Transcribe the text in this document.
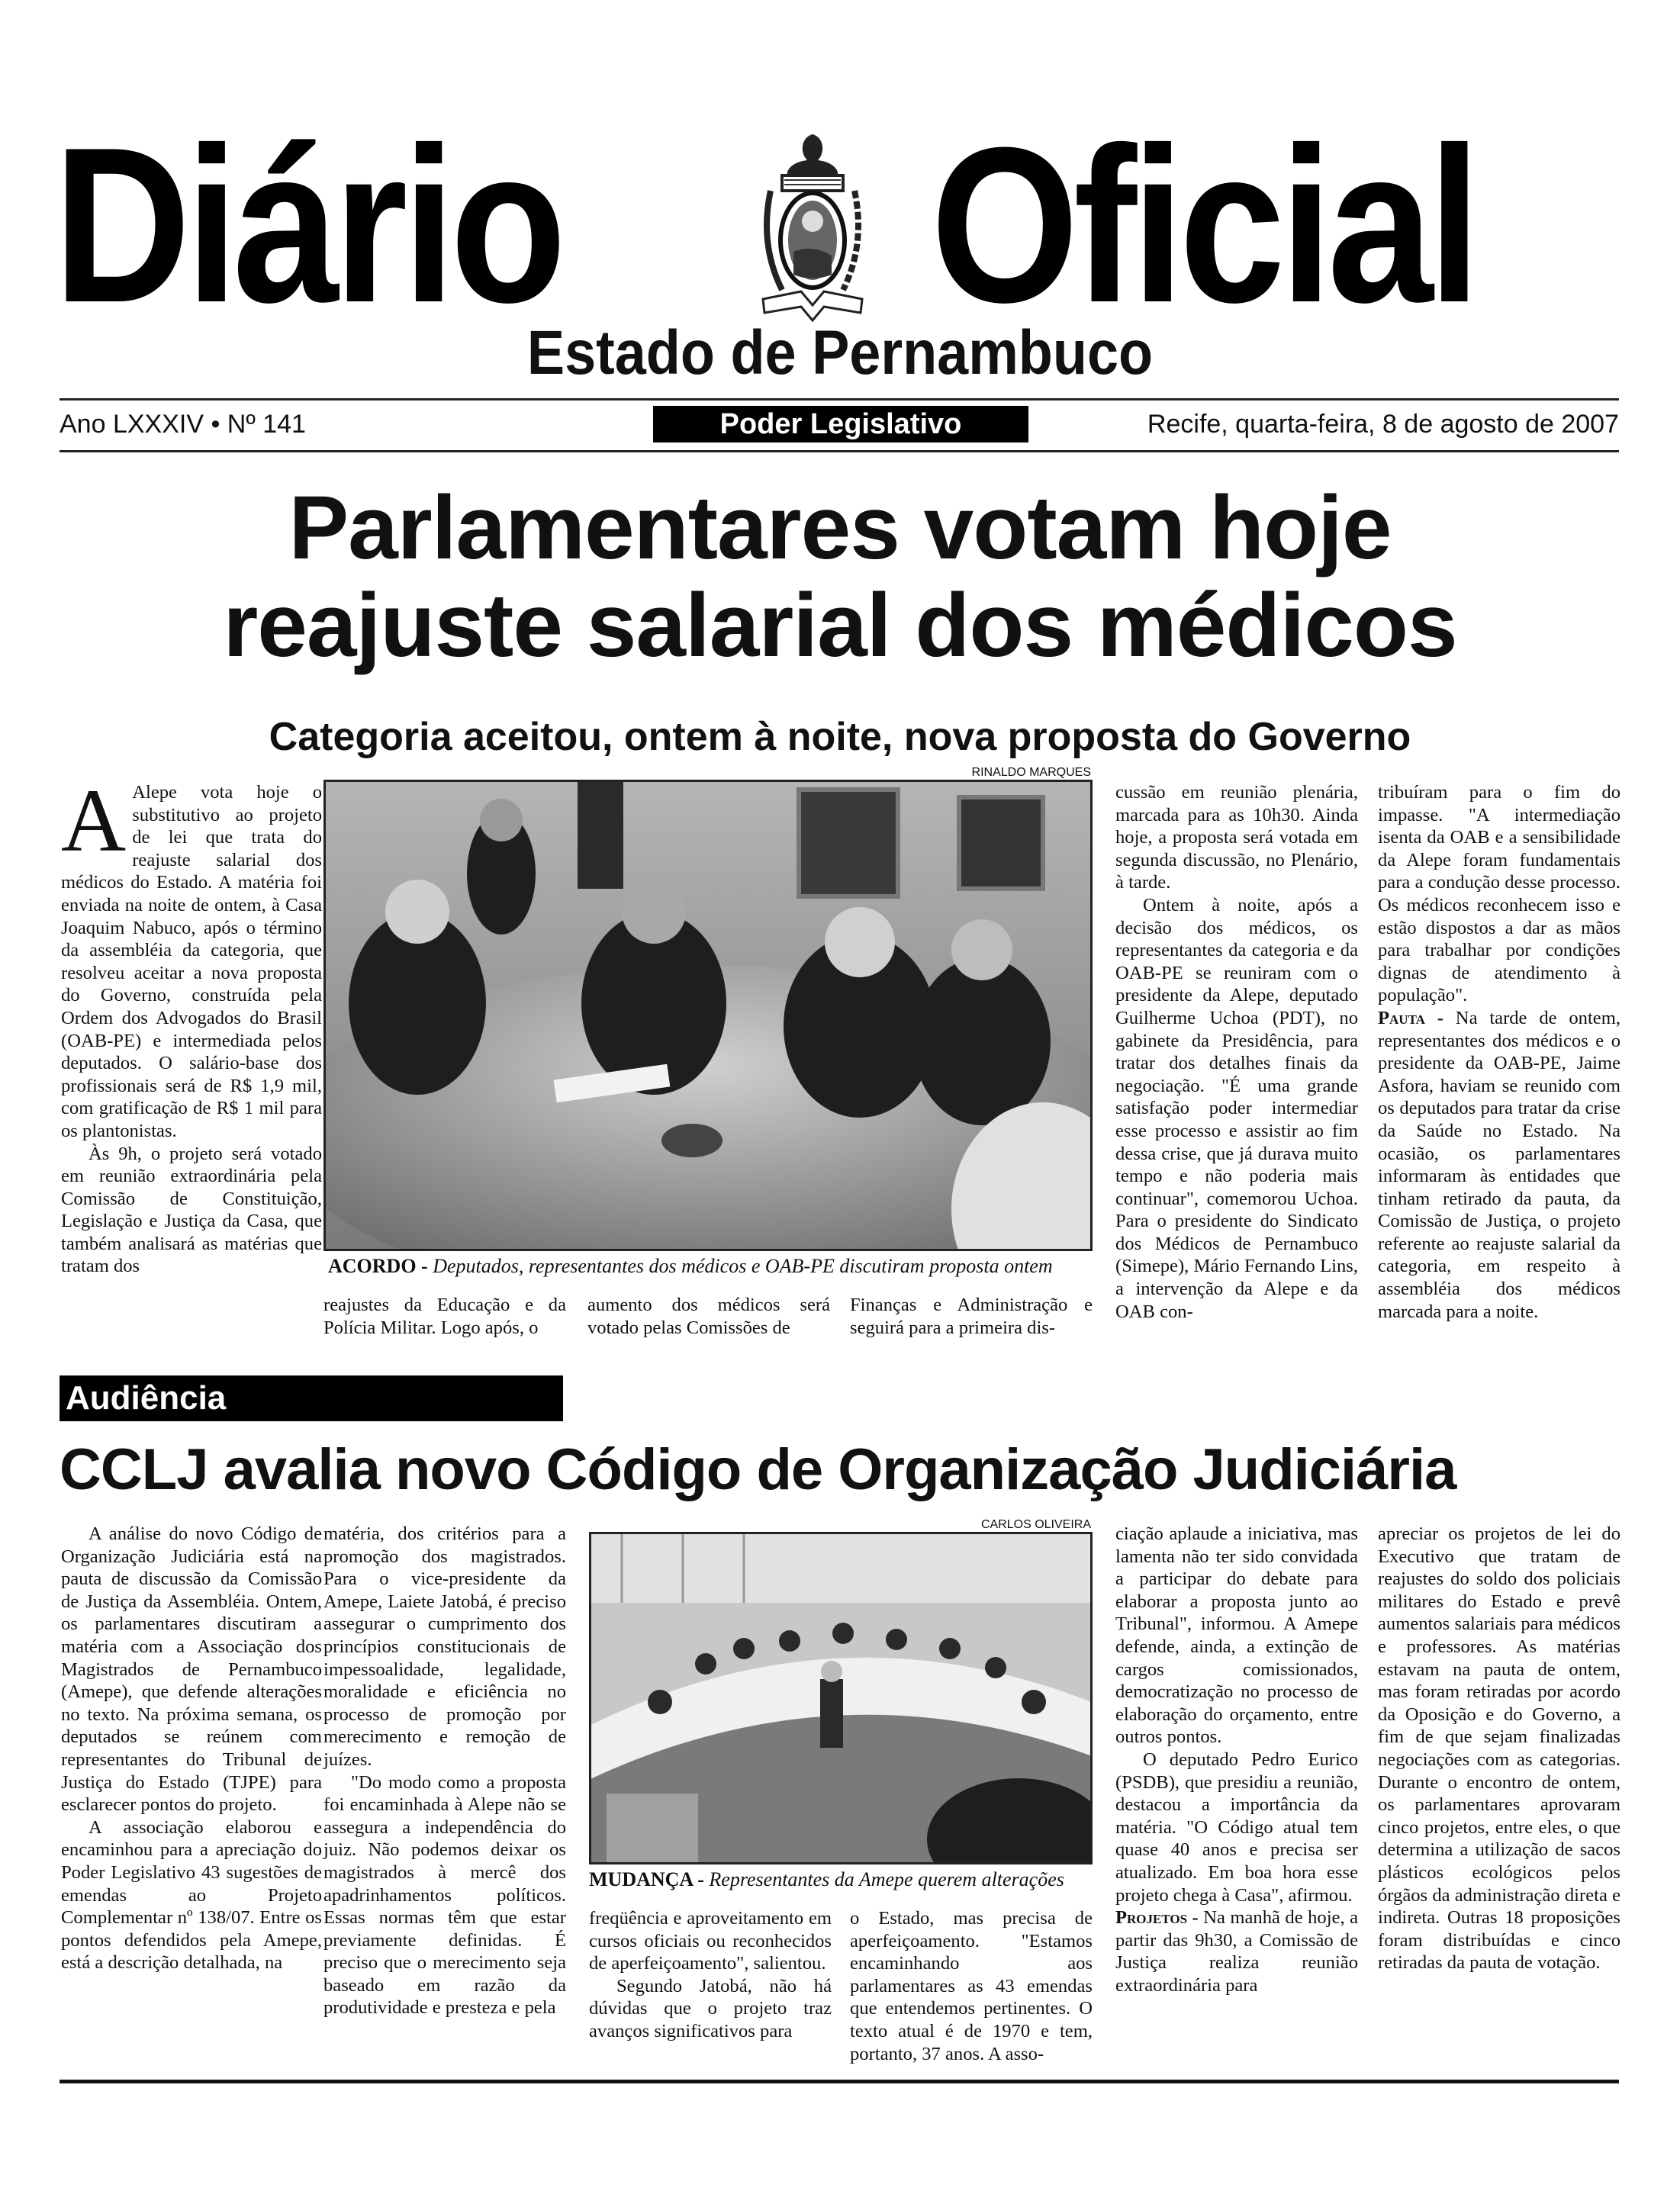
Diário Oficial
Estado de Pernambuco
Ano LXXXIV • Nº 141	Poder Legislativo	Recife, quarta-feira, 8 de agosto de 2007
Parlamentares votam hoje
reajuste salarial dos médicos
Categoria aceitou, ontem à noite, nova proposta do Governo

A Alepe vota hoje o substitutivo ao projeto de lei que trata do reajuste salarial dos médicos do Estado. A matéria foi enviada na noite de ontem, à Casa Joaquim Nabuco, após o término da assembléia da categoria, que resolveu aceitar a nova proposta do Governo, construída pela Ordem dos Advogados do Brasil (OAB-PE) e intermediada pelos deputados. O salário-base dos profissionais será de R$ 1,9 mil, com gratificação de R$ 1 mil para os plantonistas.

Às 9h, o projeto será votado em reunião extraordinária pela Comissão de Constituição, Legislação e Justiça da Casa, que também analisará as matérias que tratam dos

RINALDO MARQUES
ACORDO - Deputados, representantes dos médicos e OAB-PE discutiram proposta ontem

reajustes da Educação e da Polícia Militar. Logo após, o

aumento dos médicos será votado pelas Comissões de

Finanças e Administração e seguirá para a primeira dis-

cussão em reunião plenária, marcada para as 10h30. Ainda hoje, a proposta será votada em segunda discussão, no Plenário, à tarde.

Ontem à noite, após a decisão dos médicos, os representantes da categoria e da OAB-PE se reuniram com o presidente da Alepe, deputado Guilherme Uchoa (PDT), no gabinete da Presidência, para tratar dos detalhes finais da negociação. "É uma grande satisfação poder intermediar esse processo e assistir ao fim dessa crise, que já durava muito tempo e não poderia mais continuar", comemorou Uchoa. Para o presidente do Sindicato dos Médicos de Pernambuco (Simepe), Mário Fernando Lins, a intervenção da Alepe e da OAB con-

tribuíram para o fim do impasse. "A intermediação isenta da OAB e a sensibilidade da Alepe foram fundamentais para a condução desse processo. Os médicos reconhecem isso e estão dispostos a dar as mãos para trabalhar por condições dignas de atendimento à população".

Pauta - Na tarde de ontem, representantes dos médicos e o presidente da OAB-PE, Jaime Asfora, haviam se reunido com os deputados para tratar da crise da Saúde no Estado. Na ocasião, os parlamentares informaram às entidades que tinham retirado da pauta, da Comissão de Justiça, o projeto referente ao reajuste salarial da categoria, em respeito à assembléia dos médicos marcada para a noite.

Audiência
CCLJ avalia novo Código de Organização Judiciária

A análise do novo Código de Organização Judiciária está na pauta de discussão da Comissão de Justiça da Assembléia. Ontem, os parlamentares discutiram a matéria com a Associação dos Magistrados de Pernambuco (Amepe), que defende alterações no texto. Na próxima semana, os deputados se reúnem com representantes do Tribunal de Justiça do Estado (TJPE) para esclarecer pontos do projeto.

A associação elaborou e encaminhou para a apreciação do Poder Legislativo 43 sugestões de emendas ao Projeto Complementar nº 138/07. Entre os pontos defendidos pela Amepe, está a descrição detalhada, na

matéria, dos critérios para a promoção dos magistrados. Para o vice-presidente da Amepe, Laiete Jatobá, é preciso assegurar o cumprimento dos princípios constitucionais de impessoalidade, legalidade, moralidade e eficiência no processo de promoção por merecimento e remoção de juízes.

"Do modo como a proposta foi encaminhada à Alepe não se assegura a independência do juiz. Não podemos deixar os magistrados à mercê dos apadrinhamentos políticos. Essas normas têm que estar previamente definidas. É preciso que o merecimento seja baseado em razão da produtividade e presteza e pela

CARLOS OLIVEIRA
MUDANÇA - Representantes da Amepe querem alterações

freqüência e aproveitamento em cursos oficiais ou reconhecidos de aperfeiçoamento", salientou.

Segundo Jatobá, não há dúvidas que o projeto traz avanços significativos para

o Estado, mas precisa de aperfeiçoamento. "Estamos encaminhando aos parlamentares as 43 emendas que entendemos pertinentes. O texto atual é de 1970 e tem, portanto, 37 anos. A asso-

ciação aplaude a iniciativa, mas lamenta não ter sido convidada a participar do debate para elaborar a proposta junto ao Tribunal", informou. A Amepe defende, ainda, a extinção de cargos comissionados, democratização no processo de elaboração do orçamento, entre outros pontos.

O deputado Pedro Eurico (PSDB), que presidiu a reunião, destacou a importância da matéria. "O Código atual tem quase 40 anos e precisa ser atualizado. Em boa hora esse projeto chega à Casa", afirmou.

Projetos - Na manhã de hoje, a partir das 9h30, a Comissão de Justiça realiza reunião extraordinária para

apreciar os projetos de lei do Executivo que tratam de reajustes do soldo dos policiais militares do Estado e prevê aumentos salariais para médicos e professores. As matérias estavam na pauta de ontem, mas foram retiradas por acordo da Oposição e do Governo, a fim de que sejam finalizadas negociações com as categorias. Durante o encontro de ontem, os parlamentares aprovaram cinco projetos, entre eles, o que determina a utilização de sacos plásticos ecológicos pelos órgãos da administração direta e indireta. Outras 18 proposições foram distribuídas e cinco retiradas da pauta de votação.
